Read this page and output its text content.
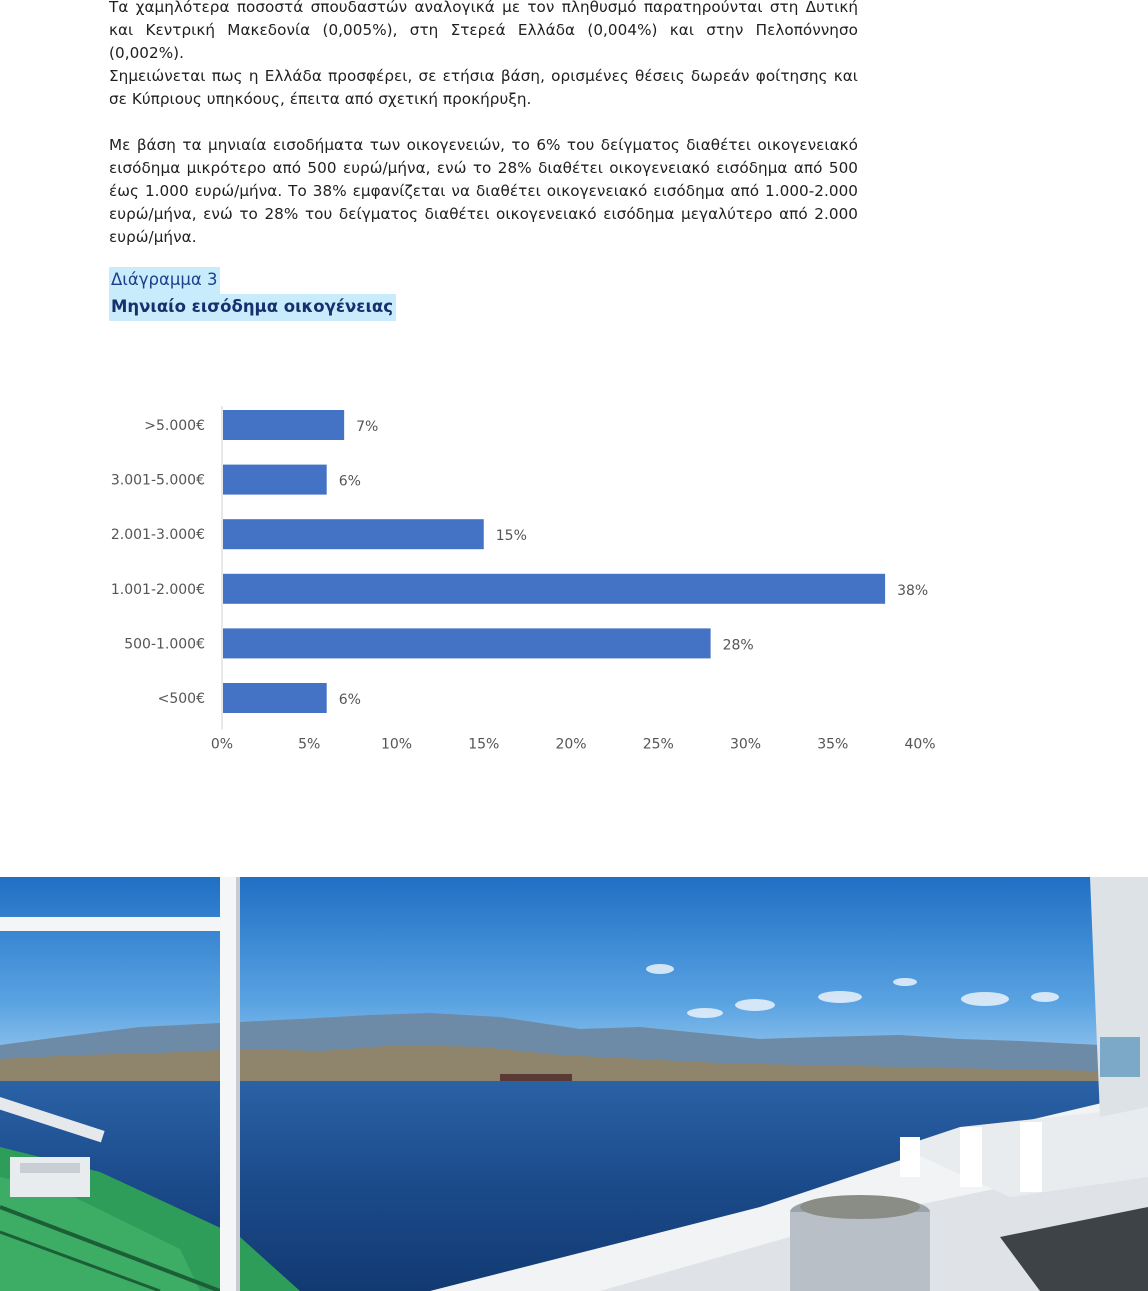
Τα χαμηλότερα ποσοστά σπουδαστών αναλογικά με τον πληθυσμό παρατηρούνται στη Δυτική και Κεντρική Μακεδονία (0,005%), στη Στερεά Ελλάδα (0,004%) και στην Πελοπόννησο (0,002%).

Σημειώνεται πως η Ελλάδα προσφέρει, σε ετήσια βάση, ορισμένες θέσεις δωρεάν φοίτησης και σε Κύπριους υπηκόους, έπειτα από σχετική προκήρυξη.

Με βάση τα μηνιαία εισοδήματα των οικογενειών, το 6% του δείγματος διαθέτει οικογενειακό εισόδημα μικρότερο από 500 ευρώ/μήνα, ενώ το 28% διαθέτει οικογενειακό εισόδημα από 500 έως 1.000 ευρώ/μήνα. Το 38% εμφανίζεται να διαθέτει οικογενειακό εισόδημα από 1.000-2.000 ευρώ/μήνα, ενώ το 28% του δείγματος διαθέτει οικογενειακό εισόδημα μεγαλύτερο από 2.000 ευρώ/μήνα.

Διάγραμμα 3
Μηνιαίο εισόδημα οικογένειας
>5.000€	7%
3.001-5.000€	6%
2.001-3.000€	15%
1.001-2.000€	38%
500-1.000€	28%
<500€	6%
0%	5%	10%	15%	20%	25%	30%	35%	40%
